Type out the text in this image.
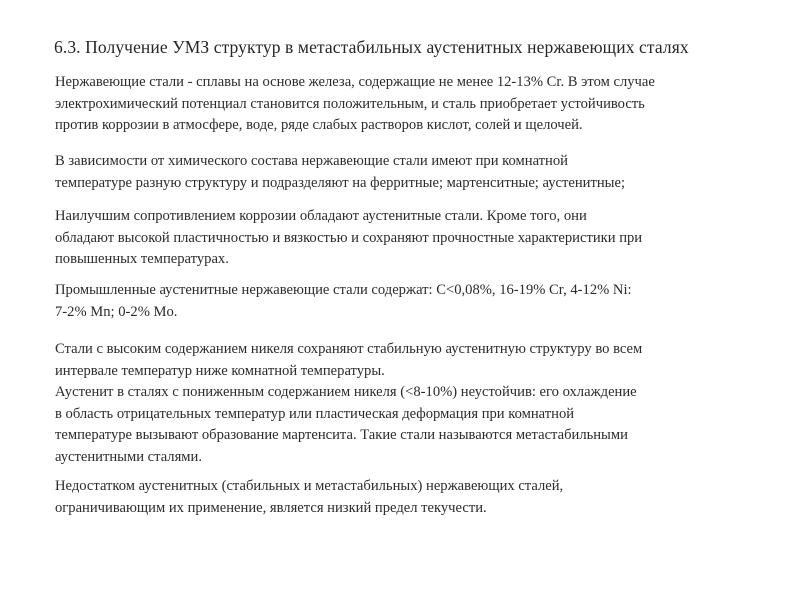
6.3. Получение УМЗ структур в метастабильных аустенитных нержавеющих сталях
Нержавеющие стали - сплавы на основе железа, содержащие не менее 12-13% Cr. В этом случае
электрохимический потенциал становится положительным, и сталь приобретает устойчивость
против коррозии в атмосфере, воде, ряде слабых растворов кислот, солей и щелочей.
В зависимости от химического состава нержавеющие стали имеют при комнатной
температуре разную структуру и подразделяют на ферритные; мартенситные; аустенитные;
Наилучшим сопротивлением коррозии обладают аустенитные стали. Кроме того, они
обладают высокой пластичностью и вязкостью и сохраняют прочностные характеристики при
повышенных температурах.
Промышленные аустенитные нержавеющие стали содержат: С<0,08%, 16-19% Cr, 4-12% Ni:
7-2% Mn; 0-2% Mo.
Стали с высоким содержанием никеля сохраняют стабильную аустенитную структуру во всем
интервале температур ниже комнатной температуры.
Аустенит в сталях с пониженным содержанием никеля (<8-10%) неустойчив: его охлаждение
в область отрицательных температур или пластическая деформация при комнатной
температуре вызывают образование мартенсита. Такие стали называются метастабильными
аустенитными сталями.
Недостатком аустенитных (стабильных и метастабильных) нержавеющих сталей,
ограничивающим их применение, является низкий предел текучести.
